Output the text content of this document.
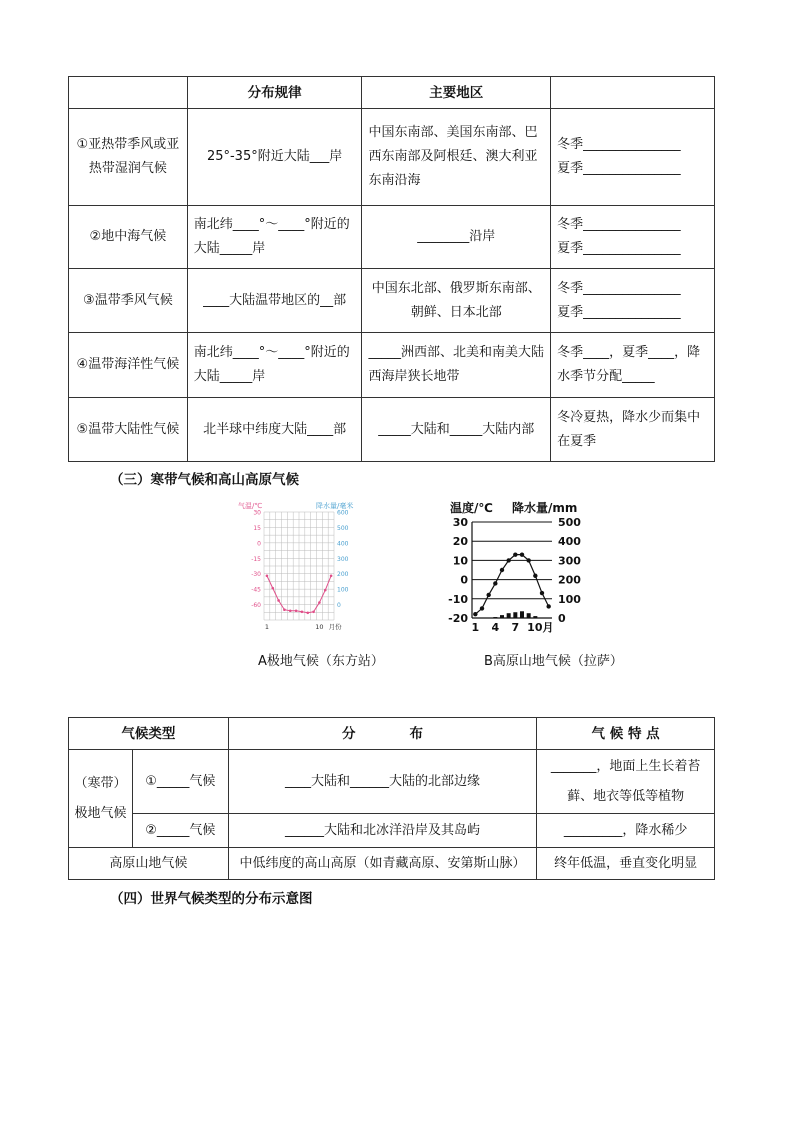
	分布规律	主要地区	
①亚热带季风或亚热带湿润气候	25°-35°附近大陆___岸	中国东南部、美国东南部、巴西东南部及阿根廷、澳大利亚东南沿海	冬季_______________
夏季_______________

②地中海气候	南北纬____°～____°附近的大陆_____岸	________沿岸	冬季_______________
夏季_______________

③温带季风气候	____大陆温带地区的__部	中国东北部、俄罗斯东南部、朝鲜、日本北部	冬季_______________
夏季_______________

④温带海洋性气候	南北纬____°～____°附近的大陆_____岸	_____洲西部、北美和南美大陆西海岸狭长地带	冬季____，夏季____，降水季节分配_____
⑤温带大陆性气候	北半球中纬度大陆____部	_____大陆和_____大陆内部	冬冷夏热，降水少而集中在夏季
（三）寒带气候和高山高原气候
气温/℃	降水量/毫米
30
15
0
-15
-30
-45
-60
600
500
400
300
200
100
0
1	10 月份
A极地气候（东方站）
温度/℃ 降水量/mm
30
20
10
0
-10
-20
500
400
300
200
100
0
1 4 7 10月
B高原山地气候（拉萨）
气候类型		分　　　　布	气 候 特 点
（寒带）极地气候	①_____气候	____大陆和______大陆的北部边缘	_______，地面上生长着苔藓、地衣等低等植物
	②_____气候	______大陆和北冰洋沿岸及其岛屿	_________，降水稀少
高原山地气候		中低纬度的高山高原（如青藏高原、安第斯山脉）	终年低温，垂直变化明显
（四）世界气候类型的分布示意图
